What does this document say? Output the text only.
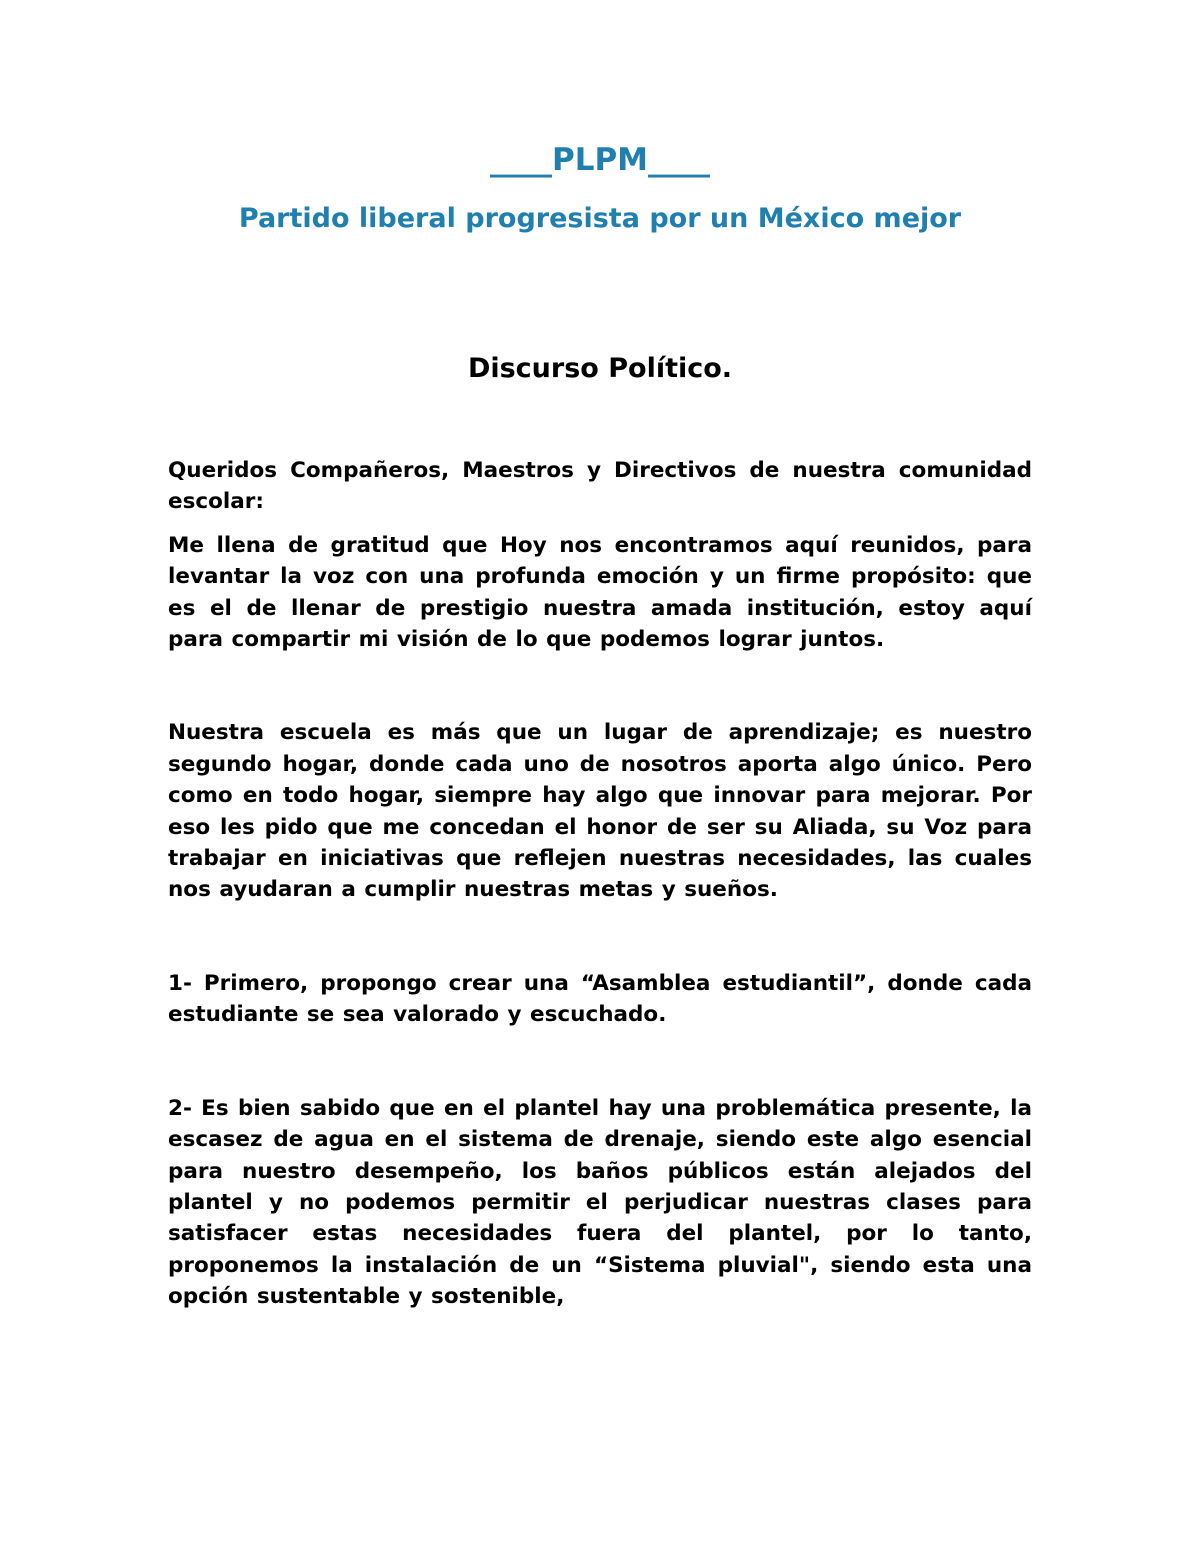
____PLPM____
Partido liberal progresista por un México mejor
Discurso Político.

Queridos Compañeros, Maestros y Directivos de nuestra comunidad escolar:

Me llena de gratitud que Hoy nos encontramos aquí reunidos, para levantar la voz con una profunda emoción y un firme propósito: que es el de llenar de prestigio nuestra amada institución, estoy aquí para compartir mi visión de lo que podemos lograr juntos.

Nuestra escuela es más que un lugar de aprendizaje; es nuestro segundo hogar, donde cada uno de nosotros aporta algo único. Pero como en todo hogar, siempre hay algo que innovar para mejorar. Por eso les pido que me concedan el honor de ser su Aliada, su Voz para trabajar en iniciativas que reflejen nuestras necesidades, las cuales nos ayudaran a cumplir nuestras metas y sueños.

1- Primero, propongo crear una “Asamblea estudiantil”, donde cada estudiante se sea valorado y escuchado.

2- Es bien sabido que en el plantel hay una problemática presente, la escasez de agua en el sistema de drenaje, siendo este algo esencial para nuestro desempeño, los baños públicos están alejados del plantel y no podemos permitir el perjudicar nuestras clases para satisfacer estas necesidades fuera del plantel, por lo tanto, proponemos la instalación de un “Sistema pluvial", siendo esta una opción sustentable y sostenible,
